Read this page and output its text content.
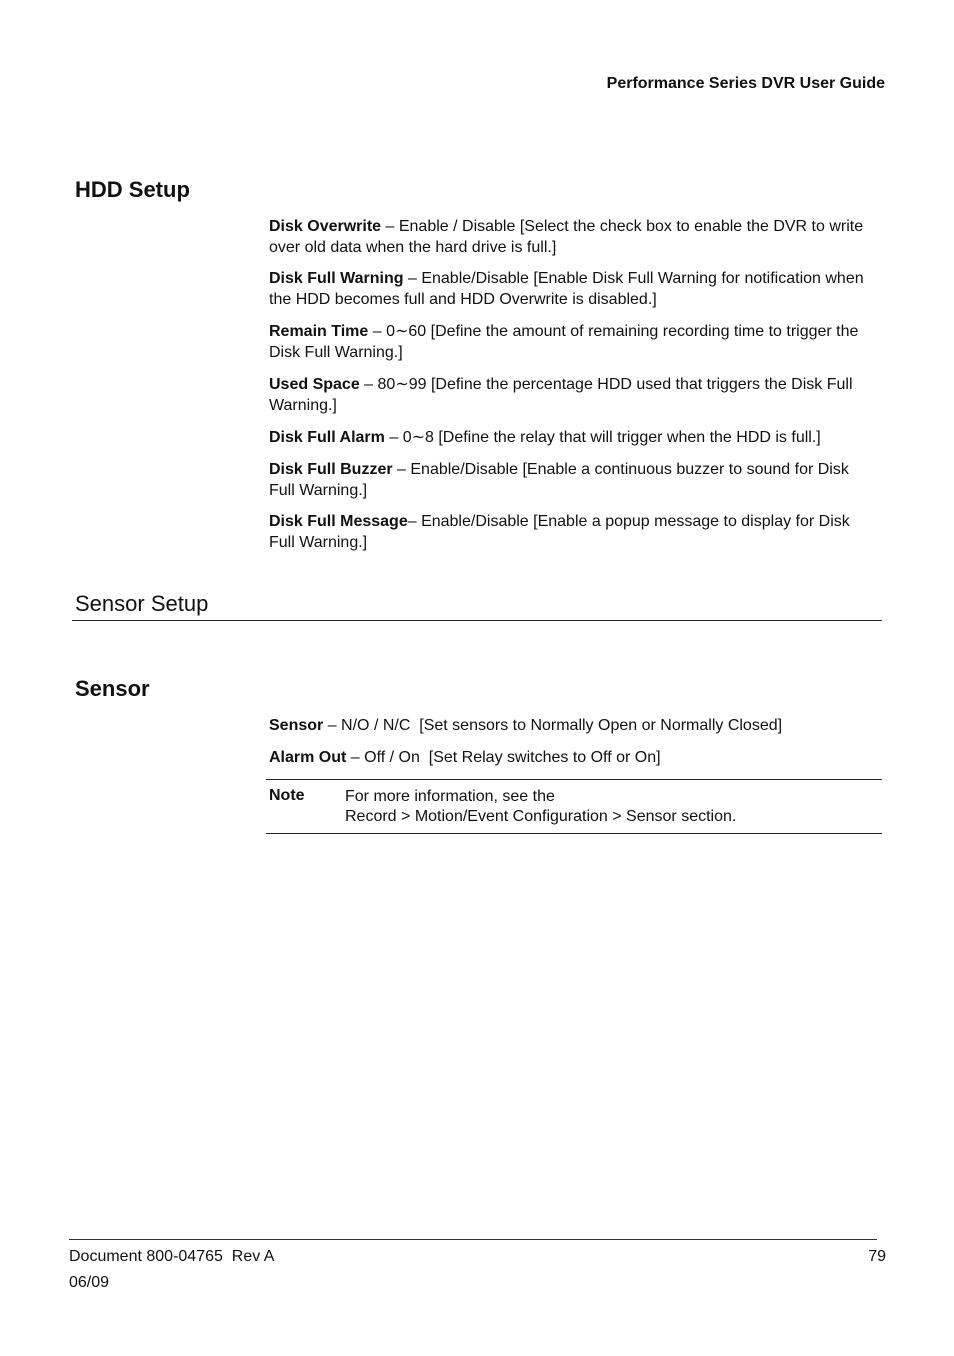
Performance Series DVR User Guide
HDD Setup
Disk Overwrite – Enable / Disable [Select the check box to enable the DVR to write over old data when the hard drive is full.]
Disk Full Warning – Enable/Disable [Enable Disk Full Warning for notification when the HDD becomes full and HDD Overwrite is disabled.]
Remain Time – 0∼60 [Define the amount of remaining recording time to trigger the Disk Full Warning.]
Used Space – 80∼99 [Define the percentage HDD used that triggers the Disk Full Warning.]
Disk Full Alarm – 0∼8 [Define the relay that will trigger when the HDD is full.]
Disk Full Buzzer – Enable/Disable [Enable a continuous buzzer to sound for Disk Full Warning.]
Disk Full Message– Enable/Disable [Enable a popup message to display for Disk Full Warning.]
Sensor Setup
Sensor
Sensor – N/O / N/C  [Set sensors to Normally Open or Normally Closed]
Alarm Out – Off / On  [Set Relay switches to Off or On]
Note	For more information, see the
Record > Motion/Event Configuration > Sensor section.
Document 800-04765  Rev A
06/09
79
